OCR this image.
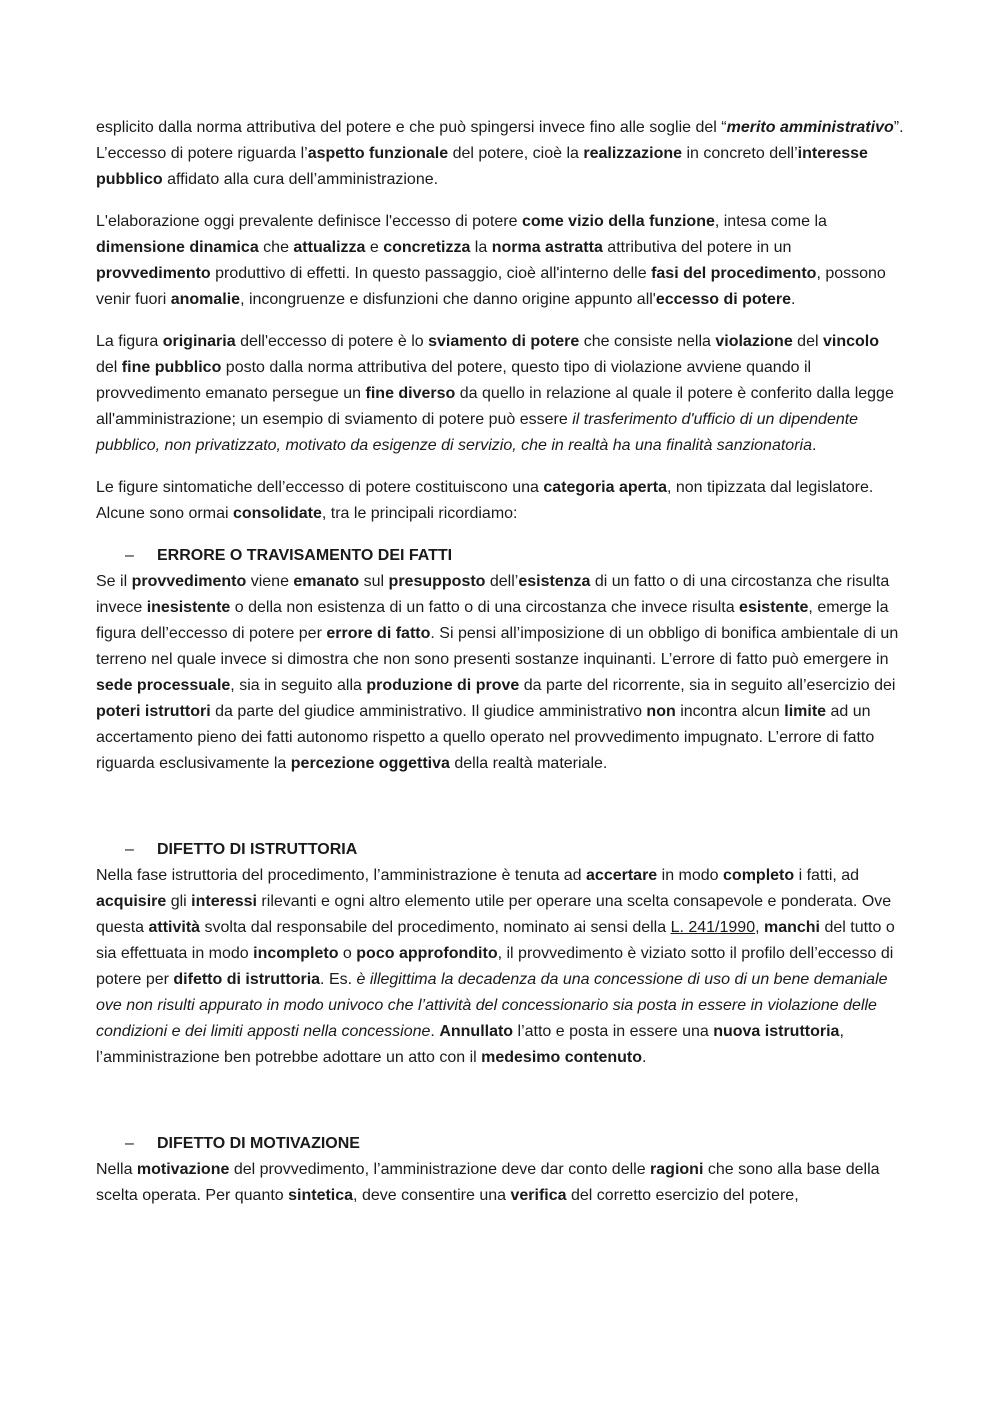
esplicito dalla norma attributiva del potere e che può spingersi invece fino alle soglie del “merito amministrativo”. L’eccesso di potere riguarda l’aspetto funzionale del potere, cioè la realizzazione in concreto dell’interesse pubblico affidato alla cura dell’amministrazione.

L'elaborazione oggi prevalente definisce l'eccesso di potere come vizio della funzione, intesa come la dimensione dinamica che attualizza e concretizza la norma astratta attributiva del potere in un provvedimento produttivo di effetti. In questo passaggio, cioè all'interno delle fasi del procedimento, possono venir fuori anomalie, incongruenze e disfunzioni che danno origine appunto all'eccesso di potere.

La figura originaria dell'eccesso di potere è lo sviamento di potere che consiste nella violazione del vincolo del fine pubblico posto dalla norma attributiva del potere, questo tipo di violazione avviene quando il provvedimento emanato persegue un fine diverso da quello in relazione al quale il potere è conferito dalla legge all'amministrazione; un esempio di sviamento di potere può essere il trasferimento d'ufficio di un dipendente pubblico, non privatizzato, motivato da esigenze di servizio, che in realtà ha una finalità sanzionatoria.

Le figure sintomatiche dell’eccesso di potere costituiscono una categoria aperta, non tipizzata dal legislatore. Alcune sono ormai consolidate, tra le principali ricordiamo:

– ERRORE O TRAVISAMENTO DEI FATTI

Se il provvedimento viene emanato sul presupposto dell’esistenza di un fatto o di una circostanza che risulta invece inesistente o della non esistenza di un fatto o di una circostanza che invece risulta esistente, emerge la figura dell’eccesso di potere per errore di fatto. Si pensi all’imposizione di un obbligo di bonifica ambientale di un terreno nel quale invece si dimostra che non sono presenti sostanze inquinanti. L’errore di fatto può emergere in sede processuale, sia in seguito alla produzione di prove da parte del ricorrente, sia in seguito all’esercizio dei poteri istruttori da parte del giudice amministrativo. Il giudice amministrativo non incontra alcun limite ad un accertamento pieno dei fatti autonomo rispetto a quello operato nel provvedimento impugnato. L’errore di fatto riguarda esclusivamente la percezione oggettiva della realtà materiale.

– DIFETTO DI ISTRUTTORIA

Nella fase istruttoria del procedimento, l’amministrazione è tenuta ad accertare in modo completo i fatti, ad acquisire gli interessi rilevanti e ogni altro elemento utile per operare una scelta consapevole e ponderata. Ove questa attività svolta dal responsabile del procedimento, nominato ai sensi della L. 241/1990, manchi del tutto o sia effettuata in modo incompleto o poco approfondito, il provvedimento è viziato sotto il profilo dell’eccesso di potere per difetto di istruttoria. Es. è illegittima la decadenza da una concessione di uso di un bene demaniale ove non risulti appurato in modo univoco che l’attività del concessionario sia posta in essere in violazione delle condizioni e dei limiti apposti nella concessione. Annullato l’atto e posta in essere una nuova istruttoria, l’amministrazione ben potrebbe adottare un atto con il medesimo contenuto.

– DIFETTO DI MOTIVAZIONE

Nella motivazione del provvedimento, l’amministrazione deve dar conto delle ragioni che sono alla base della scelta operata. Per quanto sintetica, deve consentire una verifica del corretto esercizio del potere,
